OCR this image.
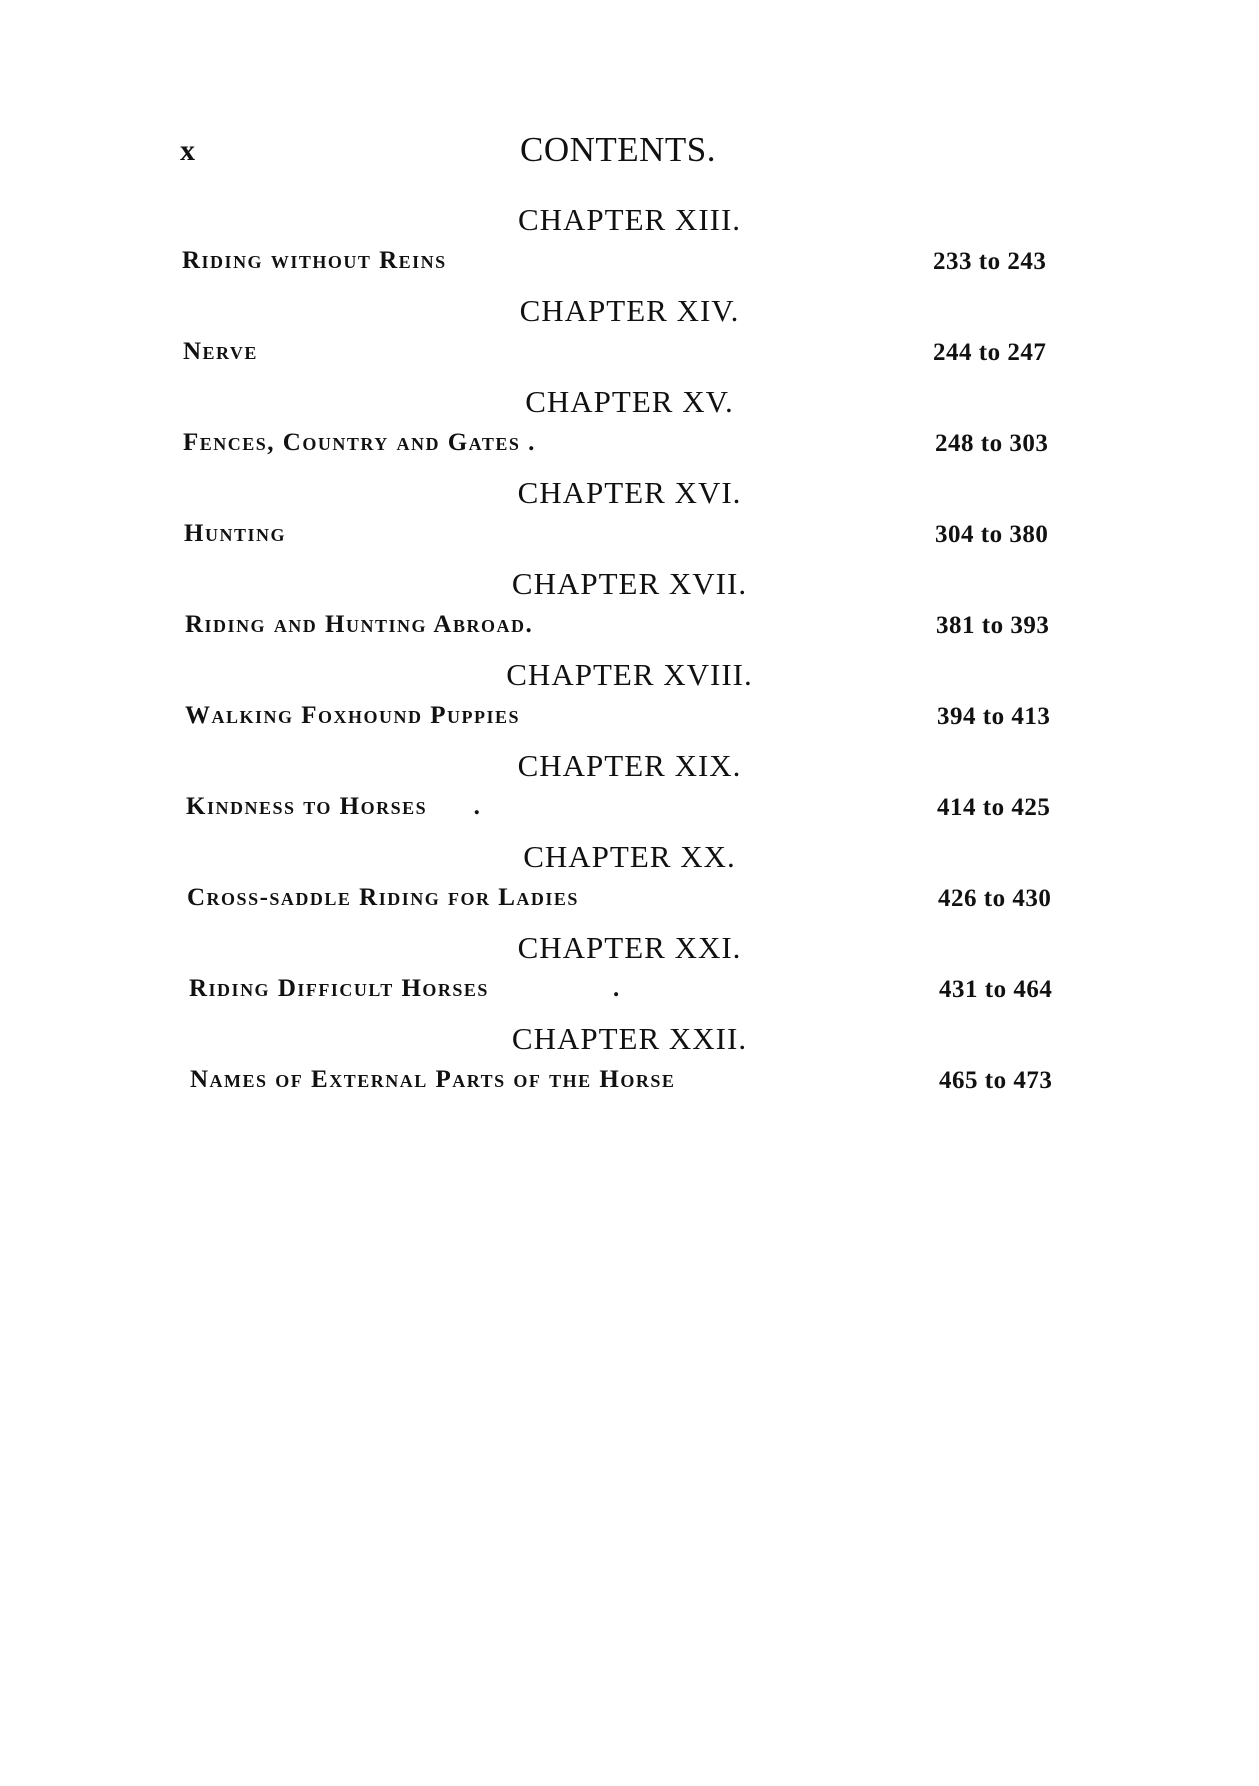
x	CONTENTS.
CHAPTER XIII.
Riding without Reins	233 to 243
CHAPTER XIV.
Nerve	244 to 247
CHAPTER XV.
Fences, Country and Gates .	248 to 303
CHAPTER XVI.
Hunting	304 to 380
CHAPTER XVII.
Riding and Hunting Abroad.	381 to 393
CHAPTER XVIII.
Walking Foxhound Puppies	394 to 413
CHAPTER XIX.
Kindness to Horses      .	414 to 425
CHAPTER XX.
Cross-saddle Riding for Ladies	426 to 430
CHAPTER XXI.
Riding Difficult Horses                .	431 to 464
CHAPTER XXII.
Names of External Parts of the Horse	465 to 473
